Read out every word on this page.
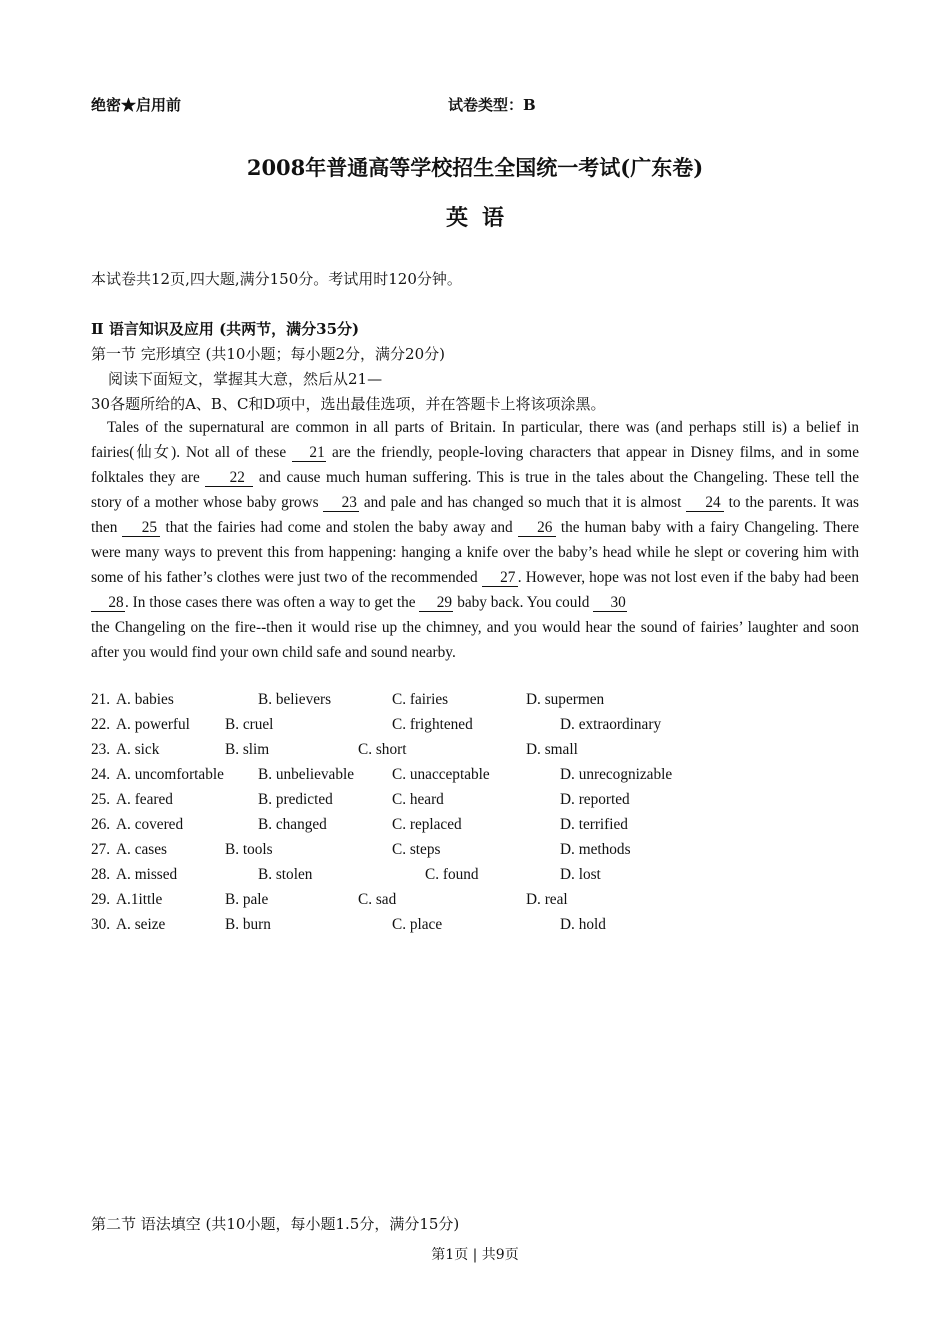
绝密★启用前	试卷类型：B
2008年普通高等学校招生全国统一考试(广东卷)
英语
本试卷共12页,四大题,满分150分。考试用时120分钟。
Ⅱ 语言知识及应用 (共两节，满分35分)
第一节 完形填空 (共10小题；每小题2分，满分20分)
阅读下面短文，掌握其大意，然后从21—
30各题所给的A、B、C和D项中，选出最佳选项，并在答题卡上将该项涂黑。

Tales of the supernatural are common in all parts of Britain. In particular, there was (and perhaps still is) a belief in fairies(仙女). Not all of these 21 are the friendly, people-loving characters that appear in Disney films, and in some folktales they are 22 and cause much human suffering. This is true in the tales about the Changeling. These tell the story of a mother whose baby grows 23 and pale and has changed so much that it is almost 24 to the parents. It was then 25 that the fairies had come and stolen the baby away and 26 the human baby with a fairy Changeling. There were many ways to prevent this from happening: hanging a knife over the baby’s head while he slept or covering him with some of his father’s clothes were just two of the recommended 27 . However, hope was not lost even if the baby had been 28. In those cases there was often a way to get the 29 baby back. You could 30

the Changeling on the fire--then it would rise up the chimney, and you would hear the sound of fairies’ laughter and soon after you would find your own child safe and sound nearby.

21. A. babies	B. believers	C. fairies	D. supermen
22. A. powerful B. cruel	C. frightened	D. extraordinary
23. A. sick	B. slim	C. short	D. small
24. A. uncomfortable B. unbelievable C. unacceptable	D. unrecognizable
25. A. feared	B. predicted	C. heard	D. reported
26. A. covered	B. changed	C. replaced	D. terrified
27. A. cases	B. tools	C. steps	D. methods
28. A. missed	B. stolen	C. found	D. lost
29. A.1ittle	B. pale	C. sad	D. real
30. A. seize	B. burn	C. place	D. hold
第二节 语法填空 (共10小题，每小题1.5分，满分15分)
第1页 | 共9页
